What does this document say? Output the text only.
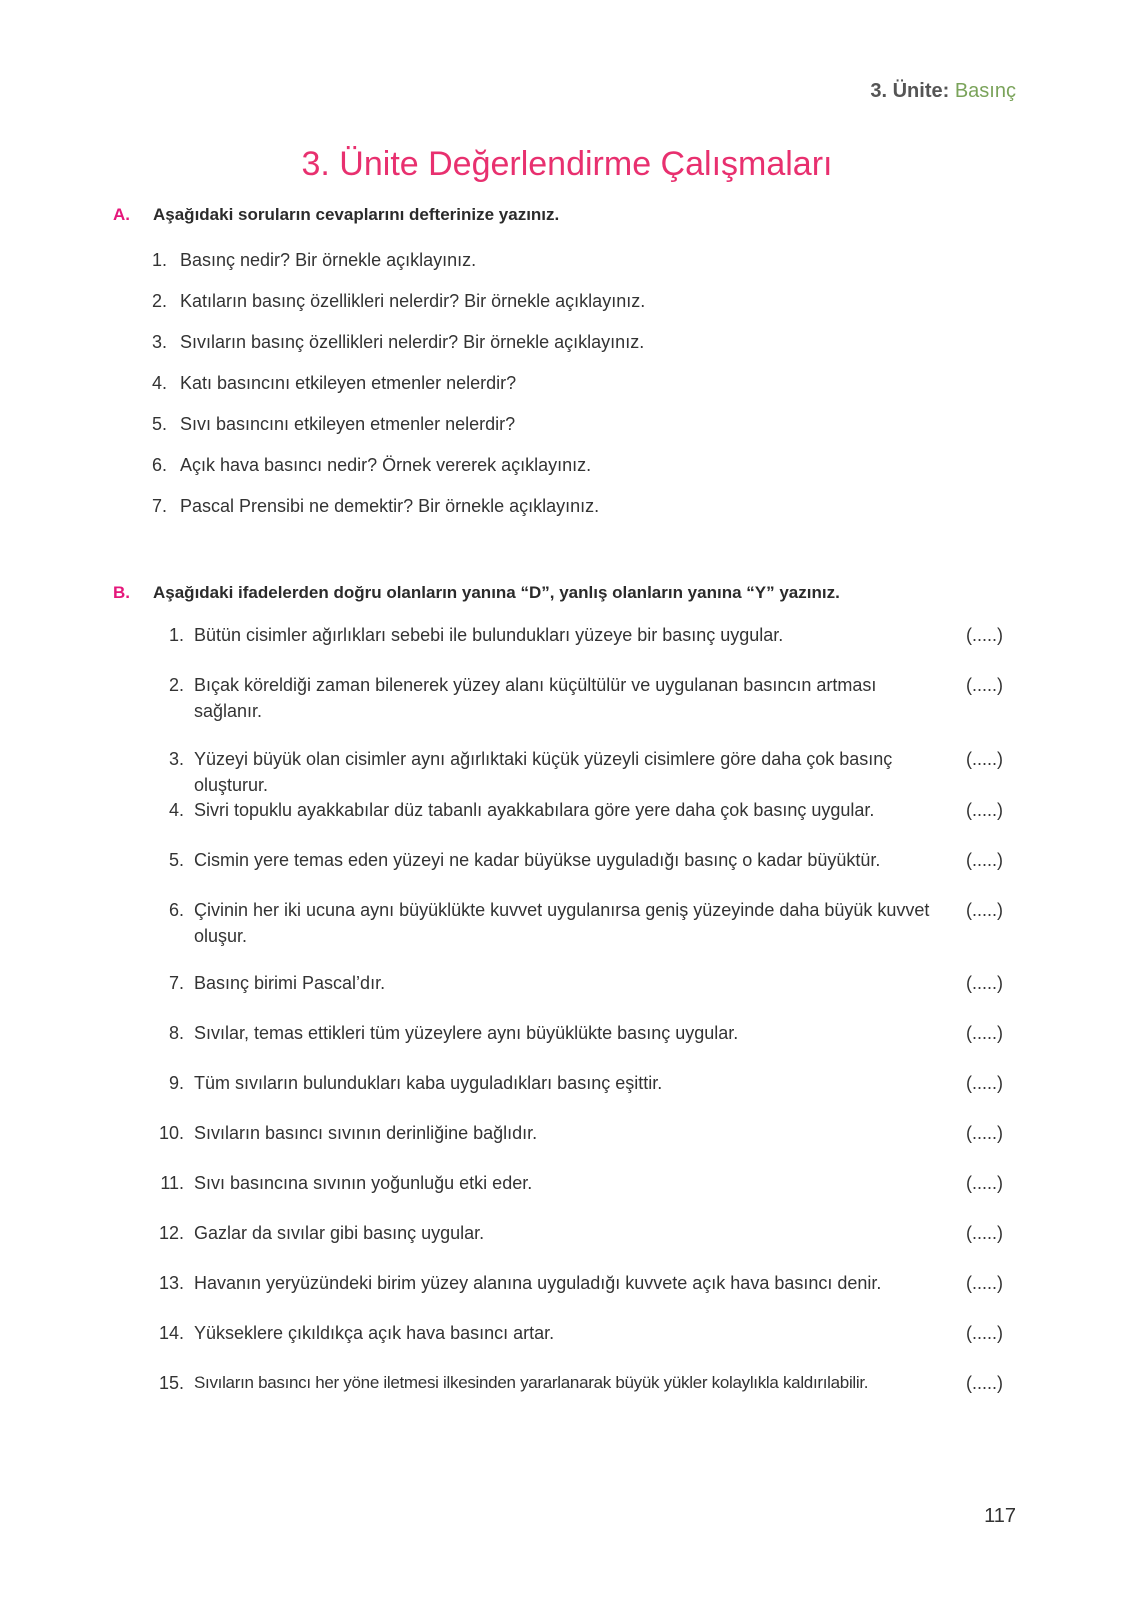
3. Ünite: Basınç
3. Ünite Değerlendirme Çalışmaları
A. Aşağıdaki soruların cevaplarını defterinize yazınız.
1. Basınç nedir? Bir örnekle açıklayınız.
2. Katıların basınç özellikleri nelerdir? Bir örnekle açıklayınız.
3. Sıvıların basınç özellikleri nelerdir? Bir örnekle açıklayınız.
4. Katı basıncını etkileyen etmenler nelerdir?
5. Sıvı basıncını etkileyen etmenler nelerdir?
6. Açık hava basıncı nedir? Örnek vererek açıklayınız.
7. Pascal Prensibi ne demektir? Bir örnekle açıklayınız.
B. Aşağıdaki ifadelerden doğru olanların yanına “D”, yanlış olanların yanına “Y” yazınız.
1. Bütün cisimler ağırlıkları sebebi ile bulundukları yüzeye bir basınç uygular.	(.....)
2. Bıçak köreldiği zaman bilenerek yüzey alanı küçültülür ve uygulanan basıncın artması sağlanır.
(.....)
3. Yüzeyi büyük olan cisimler aynı ağırlıktaki küçük yüzeyli cisimlere göre daha çok basınç oluşturur.
(.....)
4. Sivri topuklu ayakkabılar düz tabanlı ayakkabılara göre yere daha çok basınç uygular.	(.....)
5. Cismin yere temas eden yüzeyi ne kadar büyükse uyguladığı basınç o kadar büyüktür.	(.....)
6. Çivinin her iki ucuna aynı büyüklükte kuvvet uygulanırsa geniş yüzeyinde daha büyük kuvvet oluşur.
(.....)
7. Basınç birimi Pascal’dır.	(.....)
8. Sıvılar, temas ettikleri tüm yüzeylere aynı büyüklükte basınç uygular.	(.....)
9. Tüm sıvıların bulundukları kaba uyguladıkları basınç eşittir.	(.....)
10. Sıvıların basıncı sıvının derinliğine bağlıdır.	(.....)
11. Sıvı basıncına sıvının yoğunluğu etki eder.	(.....)
12. Gazlar da sıvılar gibi basınç uygular.	(.....)
13. Havanın yeryüzündeki birim yüzey alanına uyguladığı kuvvete açık hava basıncı denir.	(.....)
14. Yükseklere çıkıldıkça açık hava basıncı artar.	(.....)
15. Sıvıların basıncı her yöne iletmesi ilkesinden yararlanarak büyük yükler kolaylıkla kaldırılabilir.	(.....)
117
